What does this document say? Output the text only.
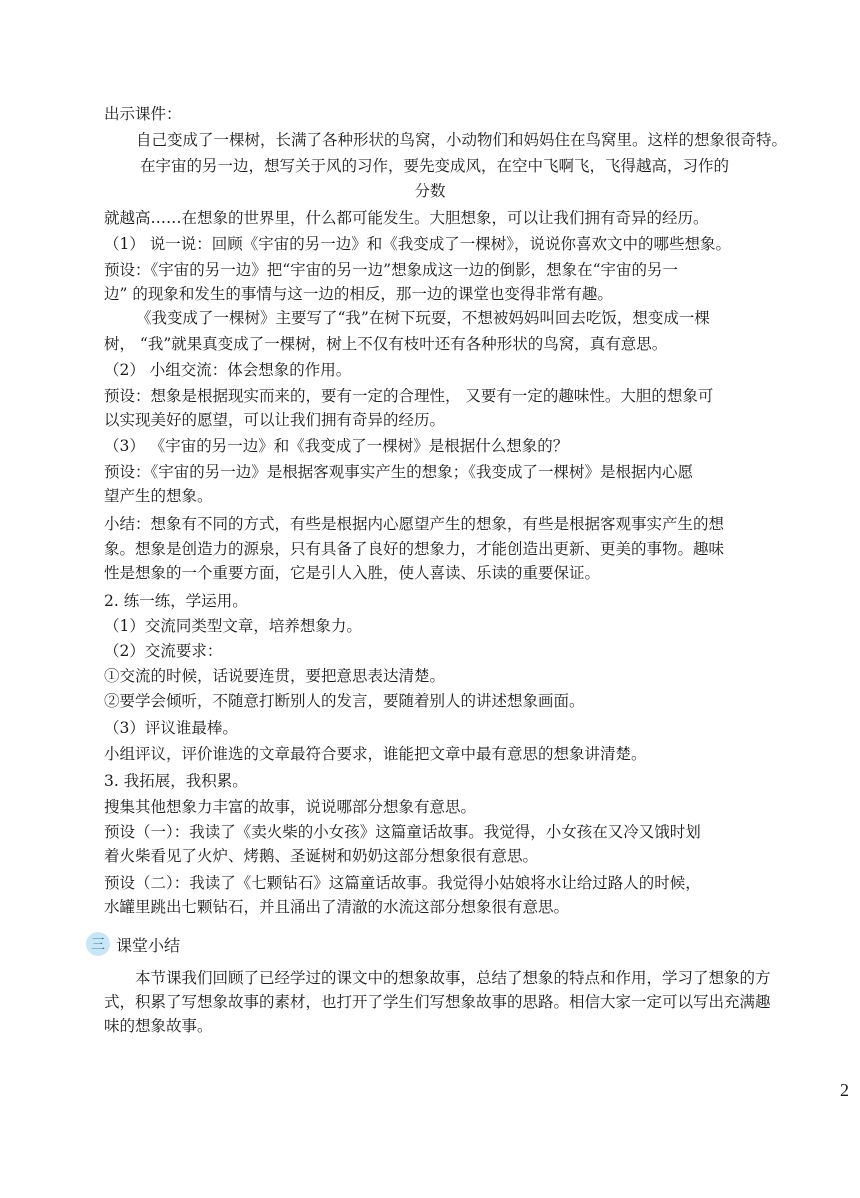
出示课件：
自己变成了一棵树，长满了各种形状的鸟窝，小动物们和妈妈住在鸟窝里。这样的想象很奇特。
在宇宙的另一边，想写关于风的习作，要先变成风，在空中飞啊飞，飞得越高，习作的
分数
就越高……在想象的世界里，什么都可能发生。大胆想象，可以让我们拥有奇异的经历。
（1） 说一说：回顾《宇宙的另一边》和《我变成了一棵树》，说说你喜欢文中的哪些想象。
预设：《宇宙的另一边》把“宇宙的另一边”想象成这一边的倒影，想象在“宇宙的另一
边” 的现象和发生的事情与这一边的相反，那一边的课堂也变得非常有趣。
《我变成了一棵树》主要写了“我”在树下玩耍，不想被妈妈叫回去吃饭，想变成一棵
树， “我”就果真变成了一棵树，树上不仅有枝叶还有各种形状的鸟窝，真有意思。
（2） 小组交流：体会想象的作用。
预设：想象是根据现实而来的，要有一定的合理性， 又要有一定的趣味性。大胆的想象可
以实现美好的愿望，可以让我们拥有奇异的经历。
（3） 《宇宙的另一边》和《我变成了一棵树》是根据什么想象的？
预设：《宇宙的另一边》是根据客观事实产生的想象；《我变成了一棵树》是根据内心愿
望产生的想象。
小结：想象有不同的方式，有些是根据内心愿望产生的想象，有些是根据客观事实产生的想
象。想象是创造力的源泉，只有具备了良好的想象力，才能创造出更新、更美的事物。趣味
性是想象的一个重要方面，它是引人入胜，使人喜读、乐读的重要保证。
2. 练一练，学运用。
（1）交流同类型文章，培养想象力。
（2）交流要求：
①交流的时候，话说要连贯，要把意思表达清楚。
②要学会倾听，不随意打断别人的发言，要随着别人的讲述想象画面。
（3）评议谁最棒。
小组评议，评价谁选的文章最符合要求，谁能把文章中最有意思的想象讲清楚。
3. 我拓展，我积累。
搜集其他想象力丰富的故事，说说哪部分想象有意思。
预设（一）：我读了《卖火柴的小女孩》这篇童话故事。我觉得，小女孩在又冷又饿时划
着火柴看见了火炉、烤鹅、圣诞树和奶奶这部分想象很有意思。
预设（二）：我读了《七颗钻石》这篇童话故事。我觉得小姑娘将水让给过路人的时候，
水罐里跳出七颗钻石，并且涌出了清澈的水流这部分想象很有意思。
三 课堂小结
本节课我们回顾了已经学过的课文中的想象故事，总结了想象的特点和作用，学习了想象的方式，积累了写想象故事的素材，也打开了学生们写想象故事的思路。相信大家一定可以写出充满趣味的想象故事。
2
